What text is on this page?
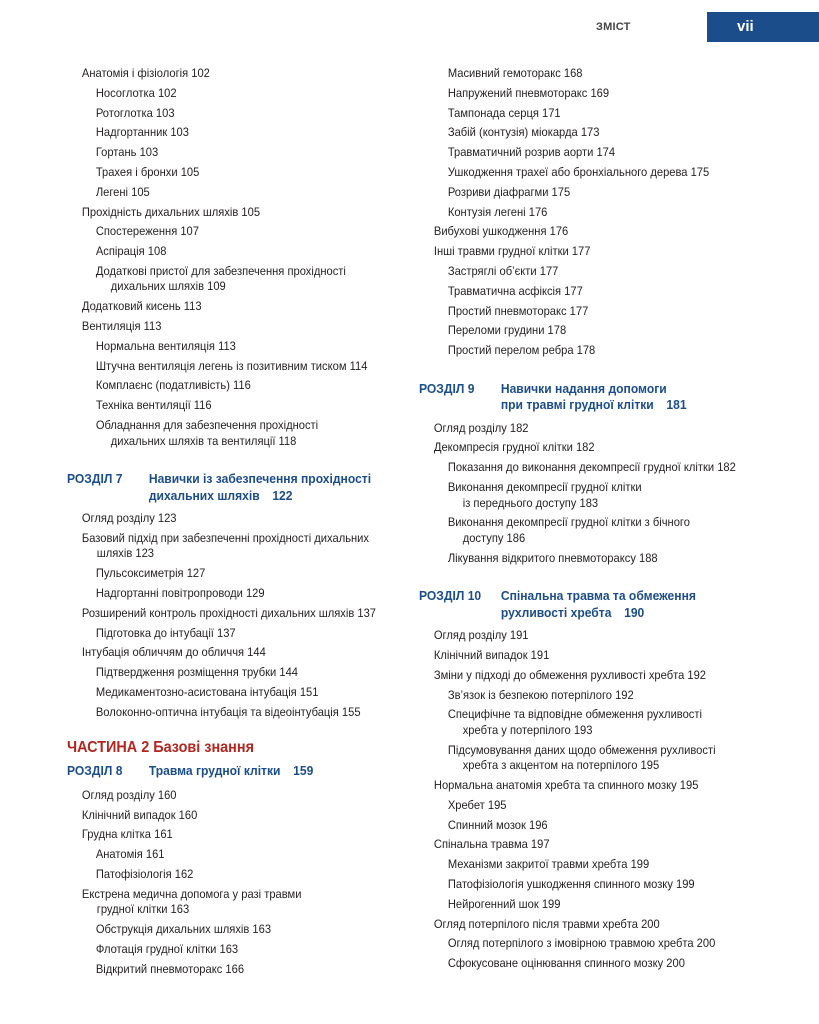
ЗМІСТ	vii
Анатомія і фізіологія 102
Носоглотка 102
Ротоглотка 103
Надгортанник 103
Гортань 103
Трахея і бронхи 105
Легені 105
Прохідність дихальних шляхів 105
Спостереження 107
Аспірація 108
Додаткові пристої для забезпечення прохідності
дихальних шляхів 109
Додатковий кисень 113
Вентиляція 113
Нормальна вентиляція 113
Штучна вентиляція легень із позитивним тиском 114
Комплаєнс (податливість) 116
Техніка вентиляції 116
Обладнання для забезпечення прохідності
дихальних шляхів та вентиляції 118
РОЗДІЛ 7	Навички із забезпечення прохідності
дихальних шляхів 122
Огляд розділу 123
Базовий підхід при забезпеченні прохідності дихальних
шляхів 123
Пульсоксиметрія 127
Надгортанні повітропроводи 129
Розширений контроль прохідності дихальних шляхів 137
Підготовка до інтубації 137
Інтубація обличчям до обличчя 144
Підтвердження розміщення трубки 144
Медикаментозно-асистована інтубація 151
Волоконно-оптична інтубація та відеоінтубація 155
ЧАСТИНА 2 Базові знання
РОЗДІЛ 8	Травма грудної клітки 159
Огляд розділу 160
Клінічний випадок 160
Грудна клітка 161
Анатомія 161
Патофізіологія 162
Екстрена медична допомога у разі травми
грудної клітки 163
Обструкція дихальних шляхів 163
Флотація грудної клітки 163
Відкритий пневмоторакс 166
Масивний гемоторакс 168
Напружений пневмоторакс 169
Тампонада серця 171
Забій (контузія) міокарда 173
Травматичний розрив аорти 174
Ушкодження трахеї або бронхіального дерева 175
Розриви діафрагми 175
Контузія легені 176
Вибухові ушкодження 176
Інші травми грудної клітки 177
Застряглі об’єкти 177
Травматична асфіксія 177
Простий пневмоторакс 177
Переломи грудини 178
Простий перелом ребра 178
РОЗДІЛ 9	Навички надання допомоги
при травмі грудної клітки 181
Огляд розділу 182
Декомпресія грудної клітки 182
Показання до виконання декомпресії грудної клітки 182
Виконання декомпресії грудної клітки
із переднього доступу 183
Виконання декомпресії грудної клітки з бічного
доступу 186
Лікування відкритого пневмотораксу 188
РОЗДІЛ 10	Спінальна травма та обмеження
рухливості хребта 190
Огляд розділу 191
Клінічний випадок 191
Зміни у підході до обмеження рухливості хребта 192
Зв’язок із безпекою потерпілого 192
Специфічне та відповідне обмеження рухливості
хребта у потерпілого 193
Підсумовування даних щодо обмеження рухливості
хребта з акцентом на потерпілого 195
Нормальна анатомія хребта та спинного мозку 195
Хребет 195
Спинний мозок 196
Спінальна травма 197
Механізми закритої травми хребта 199
Патофізіологія ушкодження спинного мозку 199
Нейрогенний шок 199
Огляд потерпілого після травми хребта 200
Огляд потерпілого з імовірною травмою хребта 200
Сфокусоване оцінювання спинного мозку 200
